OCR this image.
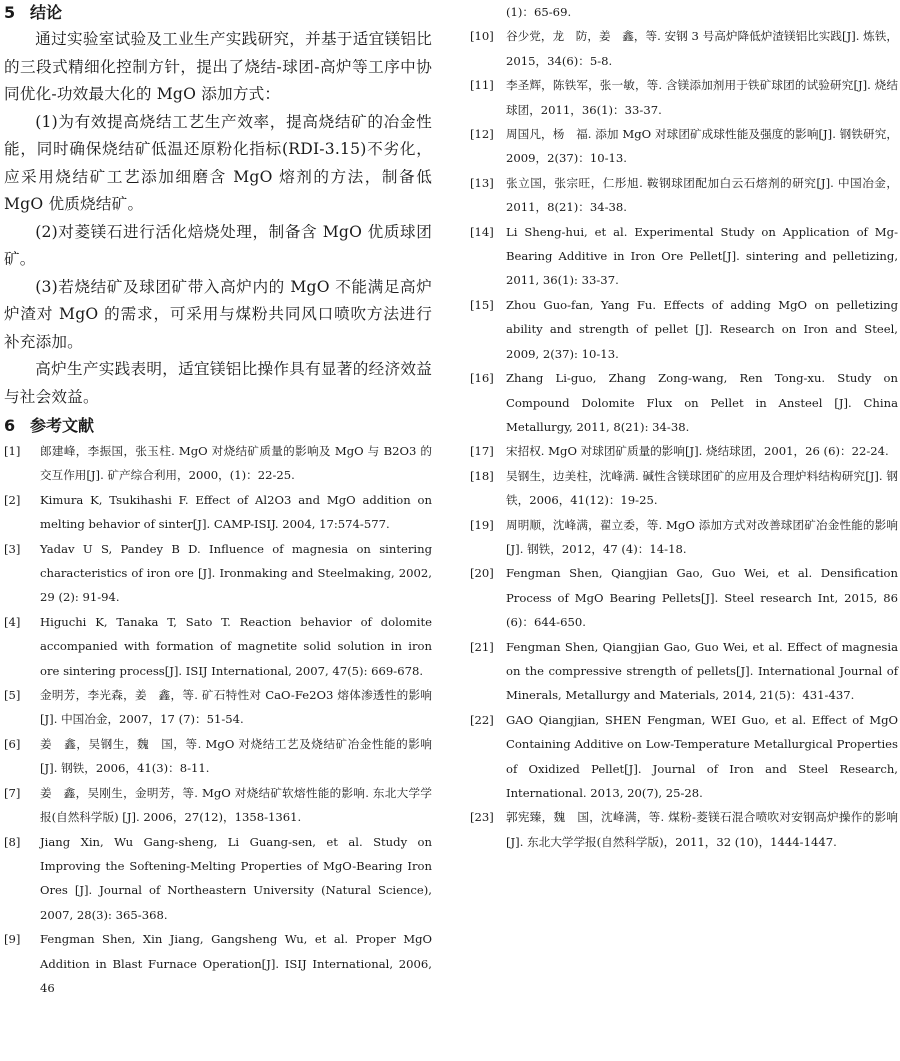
5 结论

通过实验室试验及工业生产实践研究，并基于适宜镁铝比的三段式精细化控制方针，提出了烧结-球团-高炉等工序中协同优化-功效最大化的 MgO 添加方式：

(1)为有效提高烧结工艺生产效率，提高烧结矿的冶金性能，同时确保烧结矿低温还原粉化指标(RDI-3.15)不劣化，应采用烧结矿工艺添加细磨含 MgO 熔剂的方法，制备低 MgO 优质烧结矿。

(2)对菱镁石进行活化焙烧处理，制备含 MgO 优质球团矿。

(3)若烧结矿及球团矿带入高炉内的 MgO 不能满足高炉炉渣对 MgO 的需求，可采用与煤粉共同风口喷吹方法进行补充添加。

高炉生产实践表明，适宜镁铝比操作具有显著的经济效益与社会效益。

6 参考文献
[1]	郎建峰，李振国，张玉柱. MgO 对烧结矿质量的影响及 MgO 与 B2O3 的交互作用[J]. 矿产综合利用，2000，(1)：22-25.
[2]	Kimura K, Tsukihashi F. Effect of Al2O3 and MgO addition on melting behavior of sinter[J]. CAMP-ISIJ. 2004, 17:574-577.
[3]	Yadav U S, Pandey B D. Influence of magnesia on sintering characteristics of iron ore [J]. Ironmaking and Steelmaking, 2002, 29 (2): 91-94.
[4]	Higuchi K, Tanaka T, Sato T. Reaction behavior of dolomite accompanied with formation of magnetite solid solution in iron ore sintering process[J]. ISIJ International, 2007, 47(5): 669-678.
[5]	金明芳，李光森，姜　鑫，等. 矿石特性对 CaO-Fe2O3 熔体渗透性的影响[J]. 中国冶金，2007，17 (7)：51-54.
[6]	姜　鑫，吴钢生，魏　国，等. MgO 对烧结工艺及烧结矿冶金性能的影响[J]. 钢铁，2006，41(3)：8-11.
[7]	姜　鑫，吴刚生，金明芳，等. MgO 对烧结矿软熔性能的影响. 东北大学学报(自然科学版) [J]. 2006，27(12)，1358-1361.
[8]	Jiang Xin, Wu Gang-sheng, Li Guang-sen, et al. Study on Improving the Softening-Melting Properties of MgO-Bearing Iron Ores [J]. Journal of Northeastern University (Natural Science), 2007, 28(3): 365-368.
[9]	Fengman Shen, Xin Jiang, Gangsheng Wu, et al. Proper MgO Addition in Blast Furnace Operation[J]. ISIJ International, 2006, 46
(1)：65-69.
[10]	谷少党，龙　防，姜　鑫，等. 安钢 3 号高炉降低炉渣镁铝比实践[J]. 炼铁，2015，34(6)：5-8.
[11]	李圣辉，陈铁军，张一敏，等. 含镁添加剂用于铁矿球团的试验研究[J]. 烧结球团，2011，36(1)：33-37.
[12]	周国凡，杨　福. 添加 MgO 对球团矿成球性能及强度的影响[J]. 钢铁研究，2009，2(37)：10-13.
[13]	张立国，张宗旺，仁彤旭. 鞍钢球团配加白云石熔剂的研究[J]. 中国冶金，2011，8(21)：34-38.
[14]	Li Sheng-hui, et al. Experimental Study on Application of Mg-Bearing Additive in Iron Ore Pellet[J]. sintering and pelletizing, 2011, 36(1): 33-37.
[15]	Zhou Guo-fan, Yang Fu. Effects of adding MgO on pelletizing ability and strength of pellet [J]. Research on Iron and Steel, 2009, 2(37): 10-13.
[16]	Zhang Li-guo, Zhang Zong-wang, Ren Tong-xu. Study on Compound Dolomite Flux on Pellet in Ansteel [J]. China Metallurgy, 2011, 8(21): 34-38.
[17]	宋招权. MgO 对球团矿质量的影响[J]. 烧结球团，2001，26 (6)：22-24.
[18]	吴钢生，边美柱，沈峰满. 碱性含镁球团矿的应用及合理炉料结构研究[J]. 钢铁，2006，41(12)：19-25.
[19]	周明顺，沈峰满，翟立委，等. MgO 添加方式对改善球团矿冶金性能的影响[J]. 钢铁，2012，47 (4)：14-18.
[20]	Fengman Shen, Qiangjian Gao, Guo Wei, et al. Densification Process of MgO Bearing Pellets[J]. Steel research Int, 2015, 86 (6)：644-650.
[21]	Fengman Shen, Qiangjian Gao, Guo Wei, et al. Effect of magnesia on the compressive strength of pellets[J]. International Journal of Minerals, Metallurgy and Materials, 2014, 21(5)：431-437.
[22]	GAO Qiangjian, SHEN Fengman, WEI Guo, et al. Effect of MgO Containing Additive on Low-Temperature Metallurgical Properties of Oxidized Pellet[J]. Journal of Iron and Steel Research, International. 2013, 20(7), 25-28.
[23]	郭宪臻，魏　国，沈峰满，等. 煤粉-菱镁石混合喷吹对安钢高炉操作的影响[J]. 东北大学学报(自然科学版)，2011，32 (10)，1444-1447.
